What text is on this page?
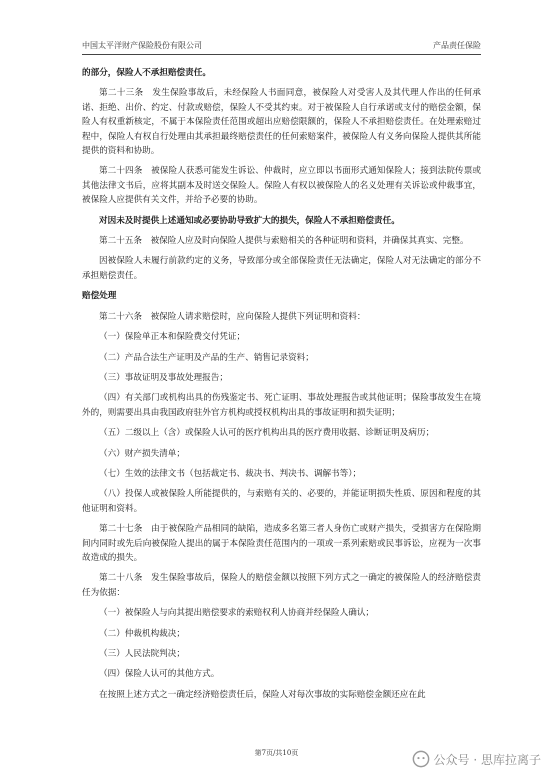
中国太平洋财产保险股份有限公司	产品责任保险

的部分，保险人不承担赔偿责任。

第二十三条　发生保险事故后，未经保险人书面同意，被保险人对受害人及其代理人作出的任何承诺、拒绝、出价、约定、付款或赔偿，保险人不受其约束。对于被保险人自行承诺或支付的赔偿金额，保险人有权重新核定，不属于本保险责任范围或超出应赔偿限额的，保险人不承担赔偿责任。在处理索赔过程中，保险人有权自行处理由其承担最终赔偿责任的任何索赔案件，被保险人有义务向保险人提供其所能提供的资料和协助。

第二十四条　被保险人获悉可能发生诉讼、仲裁时，应立即以书面形式通知保险人；接到法院传票或其他法律文书后，应将其副本及时送交保险人。保险人有权以被保险人的名义处理有关诉讼或仲裁事宜，被保险人应提供有关文件，并给予必要的协助。

对因未及时提供上述通知或必要协助导致扩大的损失，保险人不承担赔偿责任。

第二十五条　被保险人应及时向保险人提供与索赔相关的各种证明和资料，并确保其真实、完整。

因被保险人未履行前款约定的义务，导致部分或全部保险责任无法确定，保险人对无法确定的部分不承担赔偿责任。

赔偿处理

第二十六条　被保险人请求赔偿时，应向保险人提供下列证明和资料：

（一）保险单正本和保险费交付凭证；

（二）产品合法生产证明及产品的生产、销售记录资料；

（三）事故证明及事故处理报告；

（四）有关部门或机构出具的伤残鉴定书、死亡证明、事故处理报告或其他证明；保险事故发生在境外的，则需要出具由我国政府驻外官方机构或授权机构出具的事故证明和损失证明；

（五）二级以上（含）或保险人认可的医疗机构出具的医疗费用收据、诊断证明及病历；

（六）财产损失清单；

（七）生效的法律文书（包括裁定书、裁决书、判决书、调解书等）；

（八）投保人或被保险人所能提供的，与索赔有关的、必要的，并能证明损失性质、原因和程度的其他证明和资料。

第二十七条　由于被保险产品相同的缺陷，造成多名第三者人身伤亡或财产损失，受损害方在保险期间内同时或先后向被保险人提出的属于本保险责任范围内的一项或一系列索赔或民事诉讼，应视为一次事故造成的损失。

第二十八条　发生保险事故后，保险人的赔偿金额以按照下列方式之一确定的被保险人的经济赔偿责任为依据：

（一）被保险人与向其提出赔偿要求的索赔权利人协商并经保险人确认；

（二）仲裁机构裁决；

（三）人民法院判决；

（四）保险人认可的其他方式。

在按照上述方式之一确定经济赔偿责任后，保险人对每次事故的实际赔偿金额还应在此

第7页/共10页	公众号 · 思库拉离子
